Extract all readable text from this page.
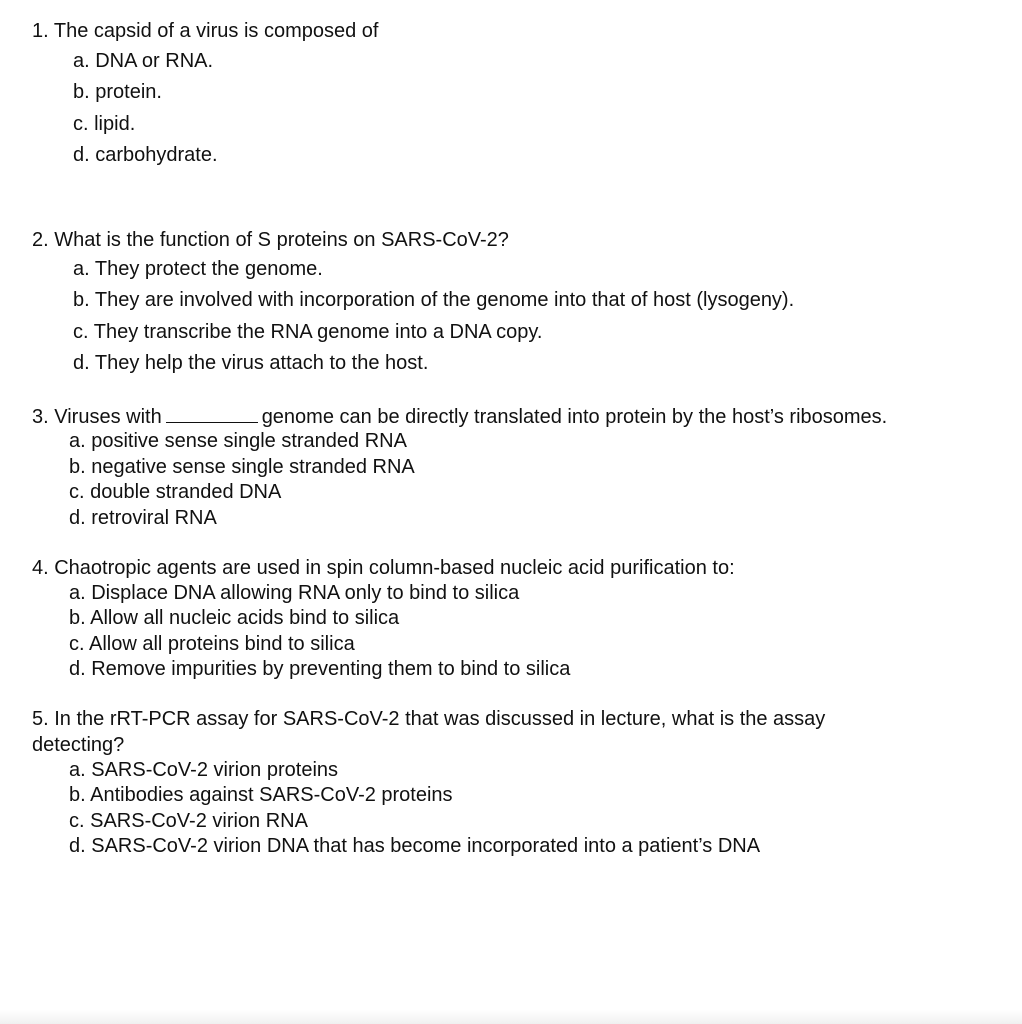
1. The capsid of a virus is composed of
a. DNA or RNA.
b. protein.
c. lipid.
d. carbohydrate.
2. What is the function of S proteins on SARS-CoV-2?
a. They protect the genome.
b. They are involved with incorporation of the genome into that of host (lysogeny).
c. They transcribe the RNA genome into a DNA copy.
d. They help the virus attach to the host.
3. Viruses with	genome can be directly translated into protein by the host’s ribosomes.
a. positive sense single stranded RNA
b. negative sense single stranded RNA
c. double stranded DNA
d. retroviral RNA
4. Chaotropic agents are used in spin column-based nucleic acid purification to:
a. Displace DNA allowing RNA only to bind to silica
b. Allow all nucleic acids bind to silica
c. Allow all proteins bind to silica
d. Remove impurities by preventing them to bind to silica
5. In the rRT-PCR assay for SARS-CoV-2 that was discussed in lecture, what is the assay
detecting?
a. SARS-CoV-2 virion proteins
b. Antibodies against SARS-CoV-2 proteins
c. SARS-CoV-2 virion RNA
d. SARS-CoV-2 virion DNA that has become incorporated into a patient’s DNA
